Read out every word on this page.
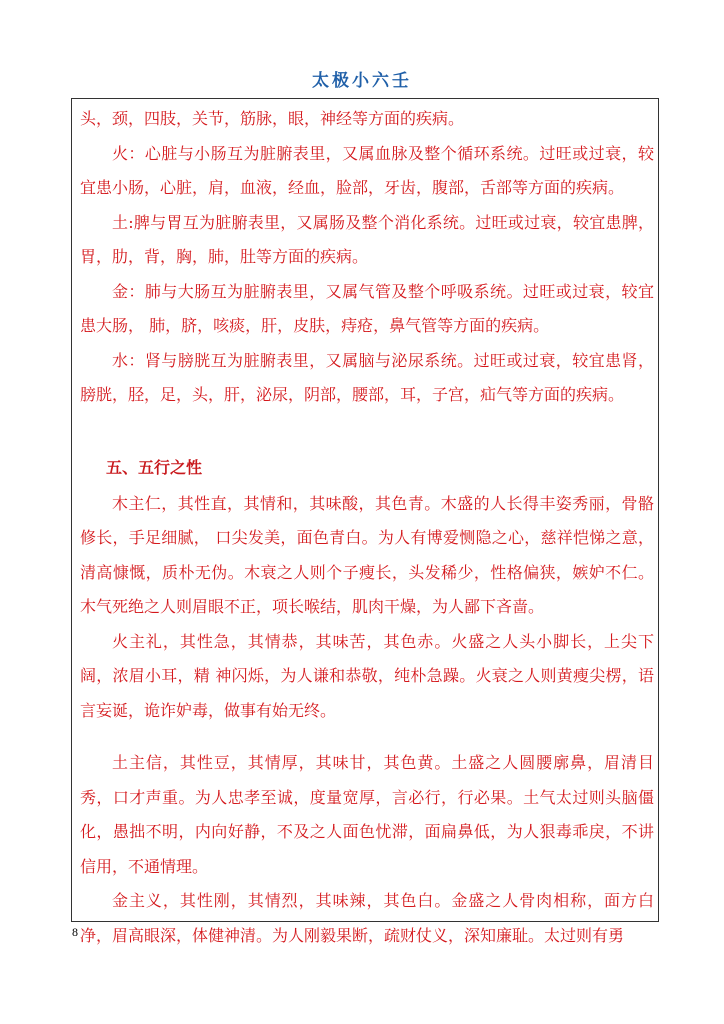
太极小六壬

头，颈，四肢，关节，筋脉，眼，神经等方面的疾病。

火：心脏与小肠互为脏腑表里，又属血脉及整个循环系统。过旺或过衰，较宜患小肠，心脏，肩，血液，经血，脸部，牙齿，腹部，舌部等方面的疾病。

土:脾与胃互为脏腑表里，又属肠及整个消化系统。过旺或过衰，较宜患脾，胃，肋，背，胸，肺，肚等方面的疾病。

金：肺与大肠互为脏腑表里，又属气管及整个呼吸系统。过旺或过衰，较宜患大肠， 肺，脐，咳痰，肝，皮肤，痔疮，鼻气管等方面的疾病。

水：肾与膀胱互为脏腑表里，又属脑与泌尿系统。过旺或过衰，较宜患肾，膀胱，胫，足，头，肝，泌尿，阴部，腰部，耳，子宫，疝气等方面的疾病。

五、五行之性

木主仁，其性直，其情和，其味酸，其色青。木盛的人长得丰姿秀丽，骨骼修长，手足细腻， 口尖发美，面色青白。为人有博爱恻隐之心，慈祥恺悌之意，清高慷慨，质朴无伪。木衰之人则个子瘦长，头发稀少，性格偏狭，嫉妒不仁。木气死绝之人则眉眼不正，项长喉结，肌肉干燥，为人鄙下吝啬。

火主礼，其性急，其情恭，其味苦，其色赤。火盛之人头小脚长，上尖下阔，浓眉小耳，精 神闪烁，为人谦和恭敬，纯朴急躁。火衰之人则黄瘦尖楞，语言妄诞，诡诈妒毒，做事有始无终。

土主信，其性豆，其情厚，其味甘，其色黄。土盛之人圆腰廓鼻，眉清目秀，口才声重。为人忠孝至诚，度量宽厚，言必行，行必果。土气太过则头脑僵化，愚拙不明，内向好静，不及之人面色忧滞，面扁鼻低，为人狠毒乖戾，不讲信用，不通情理。

金主义，其性刚，其情烈，其味辣，其色白。金盛之人骨肉相称，面方白净，眉高眼深，体健神清。为人刚毅果断，疏财仗义，深知廉耻。太过则有勇

8
